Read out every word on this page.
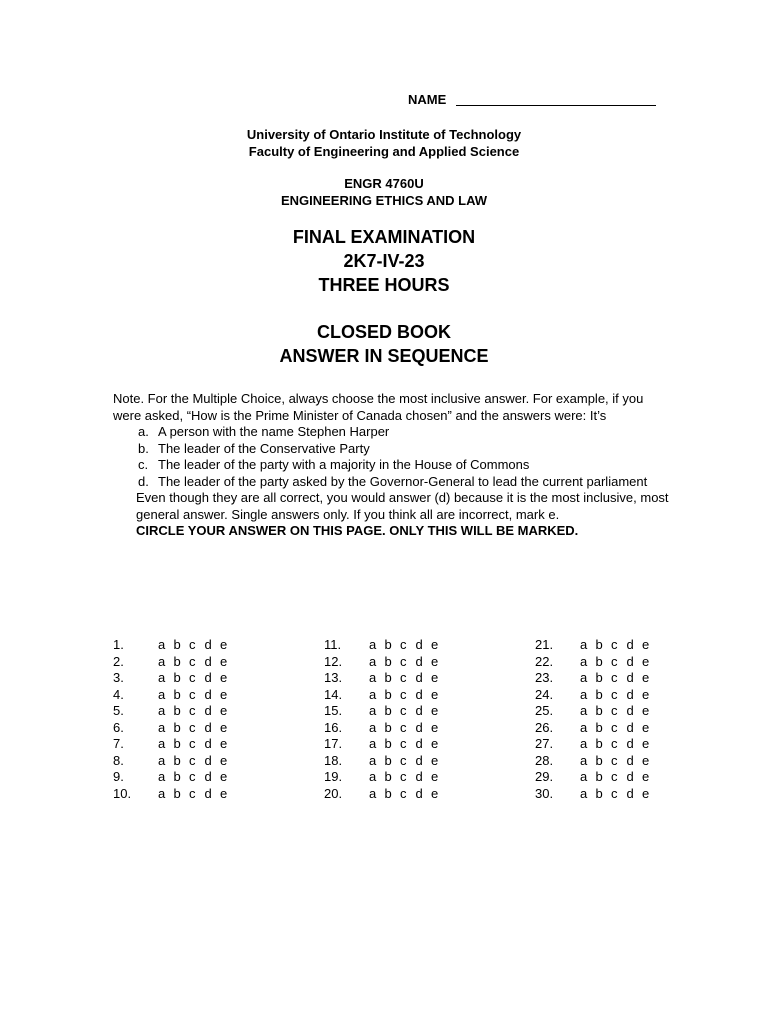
NAME
University of Ontario Institute of Technology
Faculty of Engineering and Applied Science
ENGR 4760U
ENGINEERING ETHICS AND LAW
FINAL EXAMINATION
2K7-IV-23
THREE HOURS
CLOSED BOOK
ANSWER IN SEQUENCE
Note. For the Multiple Choice, always choose the most inclusive answer. For example, if you were asked, “How is the Prime Minister of Canada chosen” and the answers were: It’s
a. A person with the name Stephen Harper
b. The leader of the Conservative Party
c. The leader of the party with a majority in the House of Commons
d. The leader of the party asked by the Governor-General to lead the current parliament
Even though they are all correct, you would answer (d) because it is the most inclusive, most general answer. Single answers only. If you think all are incorrect, mark e.
CIRCLE YOUR ANSWER ON THIS PAGE. ONLY THIS WILL BE MARKED.
1.	a b c d e
2.	a b c d e
3.	a b c d e
4.	a b c d e
5.	a b c d e
6.	a b c d e
7.	a b c d e
8.	a b c d e
9.	a b c d e
10. a b c d e
11. a b c d e
12. a b c d e
13. a b c d e
14. a b c d e
15. a b c d e
16. a b c d e
17. a b c d e
18. a b c d e
19. a b c d e
20. a b c d e
21. a b c d e
22. a b c d e
23. a b c d e
24. a b c d e
25. a b c d e
26. a b c d e
27. a b c d e
28. a b c d e
29. a b c d e
30. a b c d e
